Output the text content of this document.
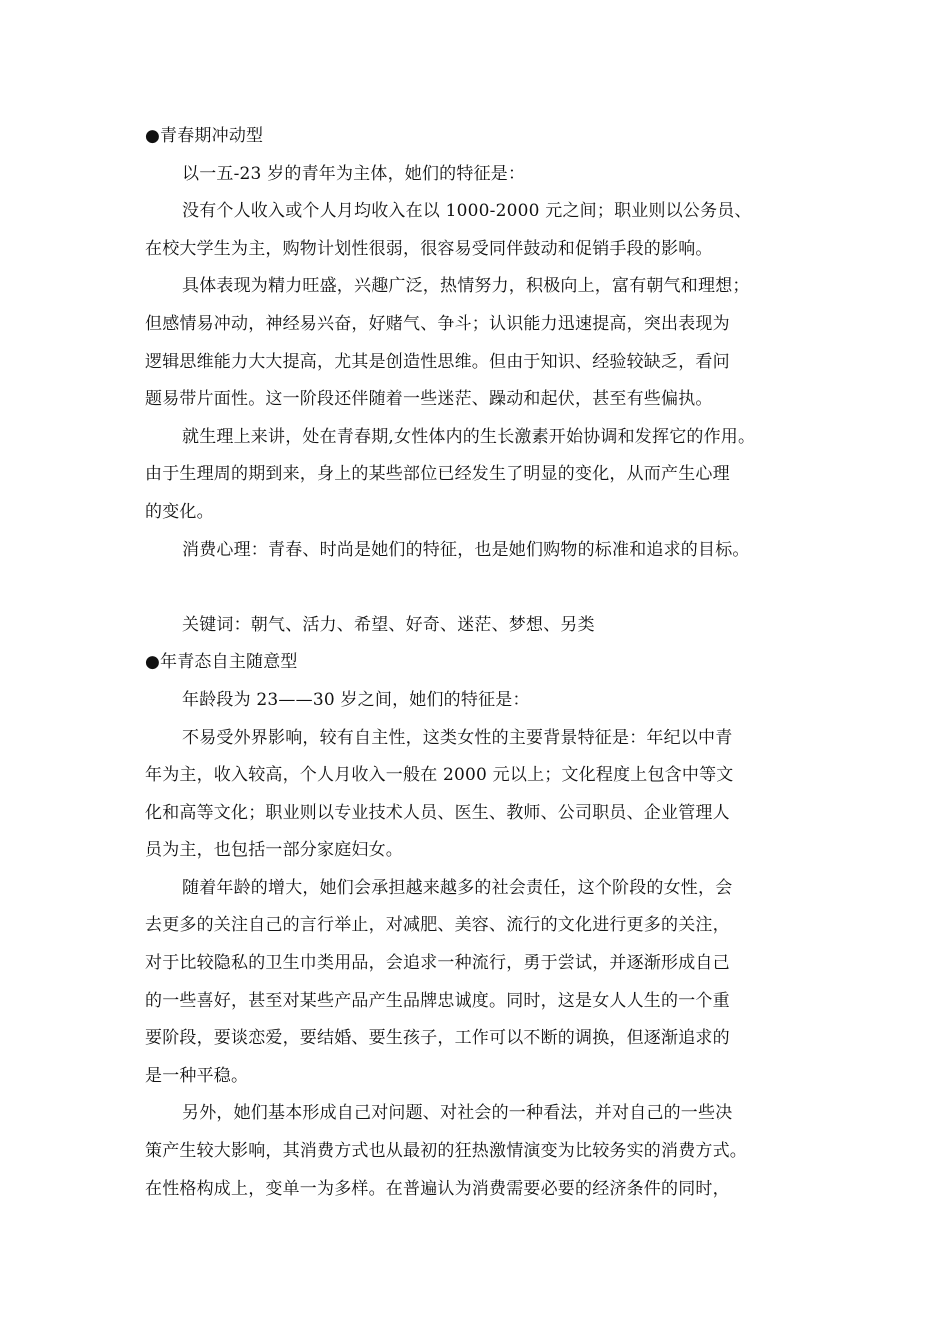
●青春期冲动型
以一五-23 岁的青年为主体，她们的特征是：
没有个人收入或个人月均收入在以 1000-2000 元之间；职业则以公务员、
在校大学生为主，购物计划性很弱，很容易受同伴鼓动和促销手段的影响。
具体表现为精力旺盛，兴趣广泛，热情努力，积极向上，富有朝气和理想；
但感情易冲动，神经易兴奋，好赌气、争斗；认识能力迅速提高，突出表现为
逻辑思维能力大大提高，尤其是创造性思维。但由于知识、经验较缺乏，看问
题易带片面性。这一阶段还伴随着一些迷茫、躁动和起伏，甚至有些偏执。
就生理上来讲，处在青春期,女性体内的生长激素开始协调和发挥它的作用。
由于生理周的期到来，身上的某些部位已经发生了明显的变化，从而产生心理
的变化。
消费心理：青春、时尚是她们的特征，也是她们购物的标准和追求的目标。
关键词：朝气、活力、希望、好奇、迷茫、梦想、另类
●年青态自主随意型
年龄段为 23——30 岁之间，她们的特征是：
不易受外界影响，较有自主性，这类女性的主要背景特征是：年纪以中青
年为主，收入较高，个人月收入一般在 2000 元以上；文化程度上包含中等文
化和高等文化；职业则以专业技术人员、医生、教师、公司职员、企业管理人
员为主，也包括一部分家庭妇女。
随着年龄的增大，她们会承担越来越多的社会责任，这个阶段的女性，会
去更多的关注自己的言行举止，对减肥、美容、流行的文化进行更多的关注，
对于比较隐私的卫生巾类用品，会追求一种流行，勇于尝试，并逐渐形成自己
的一些喜好，甚至对某些产品产生品牌忠诚度。同时，这是女人人生的一个重
要阶段，要谈恋爱，要结婚、要生孩子，工作可以不断的调换，但逐渐追求的
是一种平稳。
另外，她们基本形成自己对问题、对社会的一种看法，并对自己的一些决
策产生较大影响，其消费方式也从最初的狂热激情演变为比较务实的消费方式。
在性格构成上，变单一为多样。在普遍认为消费需要必要的经济条件的同时，
